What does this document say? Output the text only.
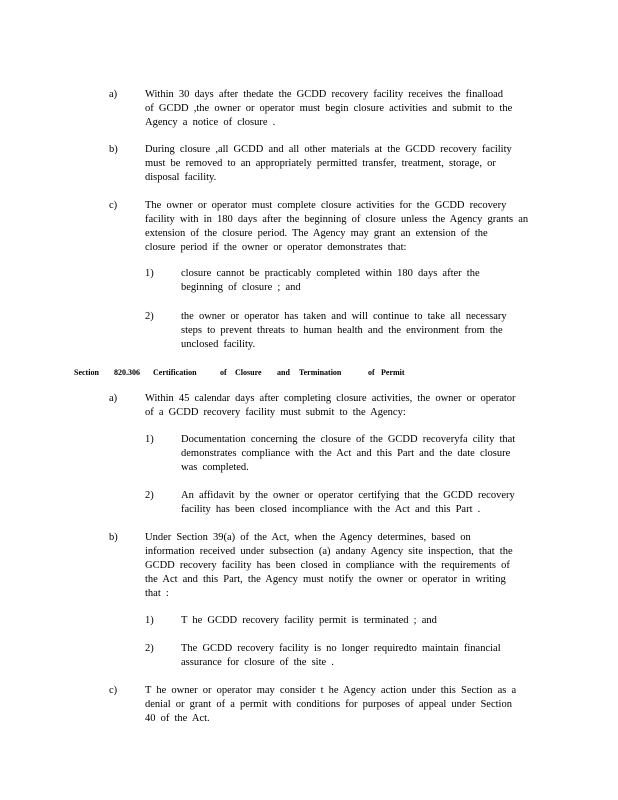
a)	Within 30 days after thedate the GCDD recovery facility receives the finalload
of GCDD ,the owner or operator must begin closure activities and submit to the
Agency a notice of closure .
b)	During closure ,all GCDD and all other materials at the GCDD recovery facility
must be removed to an appropriately permitted transfer, treatment, storage, or
disposal facility.
c)	The owner or operator must complete closure activities for the GCDD recovery
facility with in 180 days after the beginning of closure unless the Agency grants an
extension of the closure period. The Agency may grant an extension of the
closure period if the owner or operator demonstrates that:
1)	closure cannot be practicably completed within 180 days after the
beginning of closure ; and
2)	the owner or operator has taken and will continue to take all necessary
steps to prevent threats to human health and the environment from the
unclosed facility.
Section 820.306 Certification	of Closure and Termination	of Permit
a)	Within 45 calendar days after completing closure activities, the owner or operator
of a GCDD recovery facility must submit to the Agency:
1)	Documentation concerning the closure of the GCDD recoveryfa cility that
demonstrates compliance with the Act and this Part and the date closure
was completed.
2)	An affidavit by the owner or operator certifying that the GCDD recovery
facility has been closed incompliance with the Act and this Part .
b)	Under Section 39(a) of the Act, when the Agency determines, based on
information received under subsection (a) andany Agency site inspection, that the
GCDD recovery facility has been closed in compliance with the requirements of
the Act and this Part, the Agency must notify the owner or operator in writing
that :
1)	T he GCDD recovery facility permit is terminated ; and
2)	The GCDD recovery facility is no longer requiredto maintain financial
assurance for closure of the site .
c)	T he owner or operator may consider t he Agency action under this Section as a
denial or grant of a permit with conditions for purposes of appeal under Section
40 of the Act.
